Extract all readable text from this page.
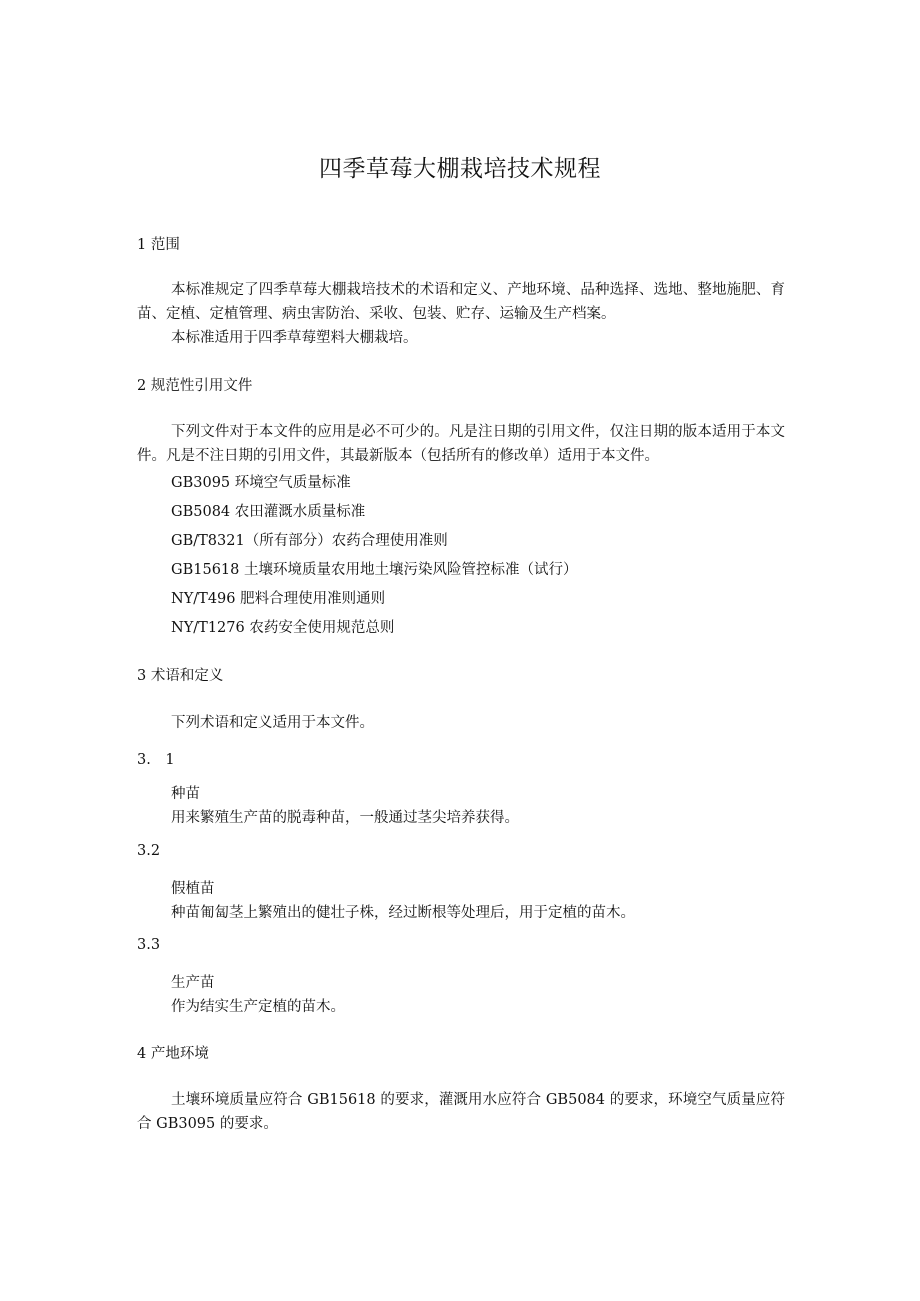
四季草莓大棚栽培技术规程
1 范围
本标准规定了四季草莓大棚栽培技术的术语和定义、产地环境、品种选择、选地、整地施肥、育苗、定植、定植管理、病虫害防治、采收、包装、贮存、运输及生产档案。
本标准适用于四季草莓塑料大棚栽培。
2 规范性引用文件
下列文件对于本文件的应用是必不可少的。凡是注日期的引用文件，仅注日期的版本适用于本文件。凡是不注日期的引用文件，其最新版本（包括所有的修改单）适用于本文件。
GB3095 环境空气质量标准
GB5084 农田灌溉水质量标准
GB/T8321（所有部分）农药合理使用准则
GB15618 土壤环境质量农用地土壤污染风险管控标准（试行）
NY/T496 肥料合理使用准则通则
NY/T1276 农药安全使用规范总则
3 术语和定义
下列术语和定义适用于本文件。
3.　1
种苗
用来繁殖生产苗的脱毒种苗，一般通过茎尖培养获得。
3.2
假植苗
种苗匍匐茎上繁殖出的健壮子株，经过断根等处理后，用于定植的苗木。
3.3
生产苗
作为结实生产定植的苗木。
4 产地环境
土壤环境质量应符合 GB15618 的要求，灌溉用水应符合 GB5084 的要求，环境空气质量应符合 GB3095 的要求。
